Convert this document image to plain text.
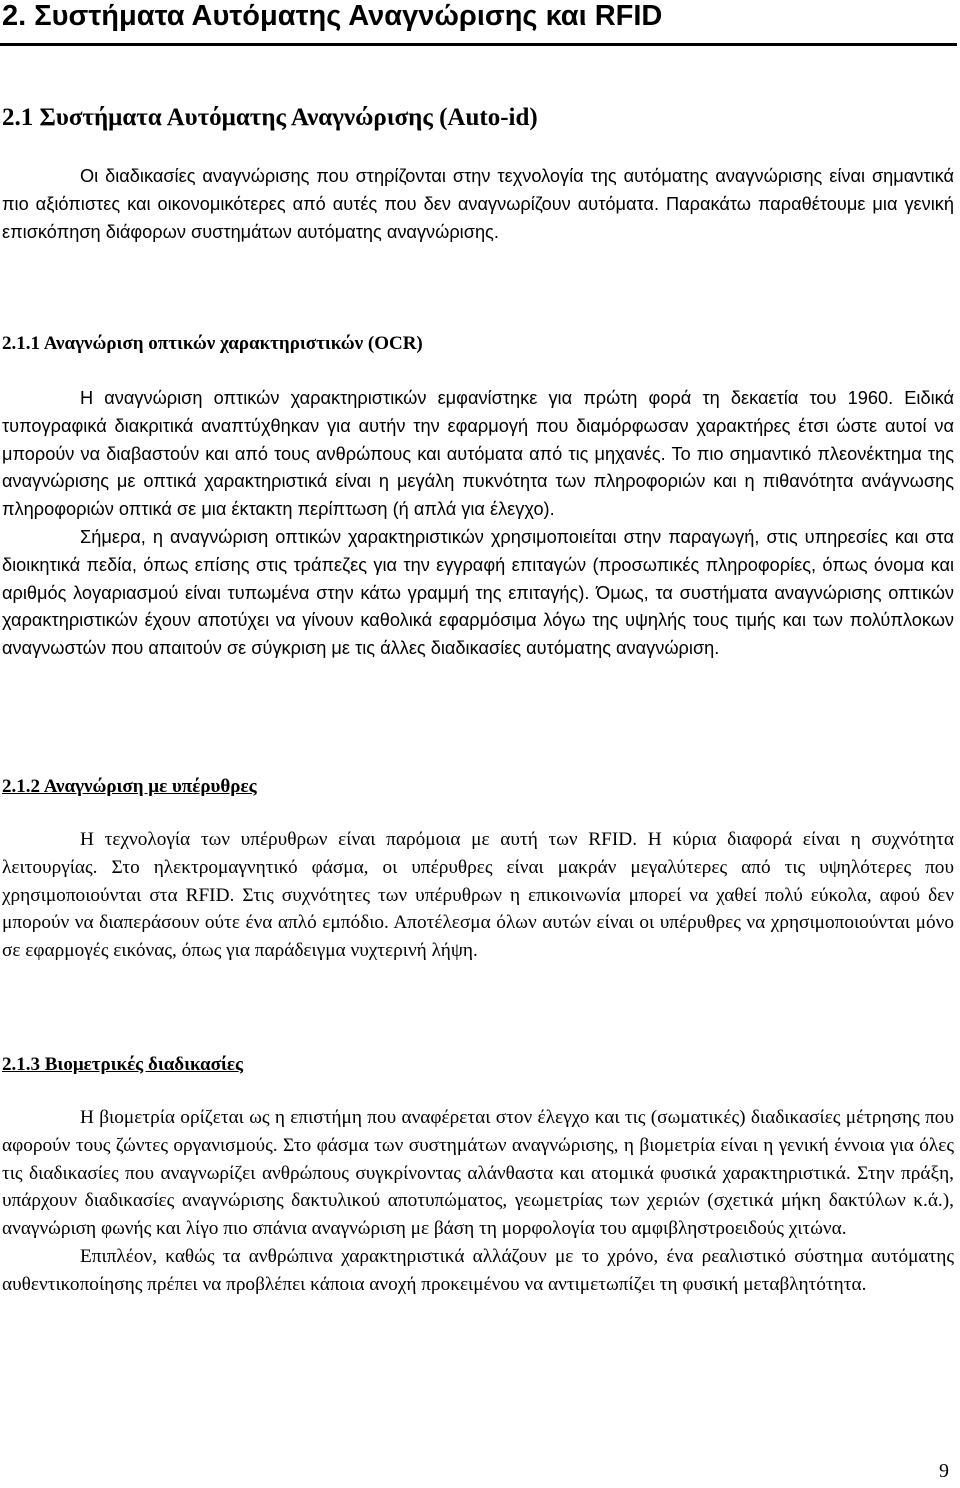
2. Συστήματα Αυτόματης Αναγνώρισης και RFID
2.1 Συστήματα Αυτόματης Αναγνώρισης (Auto-id)

Οι διαδικασίες αναγνώρισης που στηρίζονται στην τεχνολογία της αυτόματης αναγνώρισης είναι σημαντικά πιο αξιόπιστες και οικονομικότερες από αυτές που δεν αναγνωρίζουν αυτόματα. Παρακάτω παραθέτουμε μια γενική επισκόπηση διάφορων συστημάτων αυτόματης αναγνώρισης.

2.1.1 Αναγνώριση οπτικών χαρακτηριστικών (OCR)

Η αναγνώριση οπτικών χαρακτηριστικών εμφανίστηκε για πρώτη φορά τη δεκαετία του 1960. Ειδικά τυπογραφικά διακριτικά αναπτύχθηκαν για αυτήν την εφαρμογή που διαμόρφωσαν χαρακτήρες έτσι ώστε αυτοί να μπορούν να διαβαστούν και από τους ανθρώπους και αυτόματα από τις μηχανές. Το πιο σημαντικό πλεονέκτημα της αναγνώρισης με οπτικά χαρακτηριστικά είναι η μεγάλη πυκνότητα των πληροφοριών και η πιθανότητα ανάγνωσης πληροφοριών οπτικά σε μια έκτακτη περίπτωση (ή απλά για έλεγχο).

Σήμερα, η αναγνώριση οπτικών χαρακτηριστικών χρησιμοποιείται στην παραγωγή, στις υπηρεσίες και στα διοικητικά πεδία, όπως επίσης στις τράπεζες για την εγγραφή επιταγών (προσωπικές πληροφορίες, όπως όνομα και αριθμός λογαριασμού είναι τυπωμένα στην κάτω γραμμή της επιταγής). Όμως, τα συστήματα αναγνώρισης οπτικών χαρακτηριστικών έχουν αποτύχει να γίνουν καθολικά εφαρμόσιμα λόγω της υψηλής τους τιμής και των πολύπλοκων αναγνωστών που απαιτούν σε σύγκριση με τις άλλες διαδικασίες αυτόματης αναγνώριση.

2.1.2 Αναγνώριση με υπέρυθρες

Η τεχνολογία των υπέρυθρων είναι παρόμοια με αυτή των RFID. Η κύρια διαφορά είναι η συχνότητα λειτουργίας. Στο ηλεκτρομαγνητικό φάσμα, οι υπέρυθρες είναι μακράν μεγαλύτερες από τις υψηλότερες που χρησιμοποιούνται στα RFID. Στις συχνότητες των υπέρυθρων η επικοινωνία μπορεί να χαθεί πολύ εύκολα, αφού δεν μπορούν να διαπεράσουν ούτε ένα απλό εμπόδιο. Αποτέλεσμα όλων αυτών είναι οι υπέρυθρες να χρησιμοποιούνται μόνο σε εφαρμογές εικόνας, όπως για παράδειγμα νυχτερινή λήψη.

2.1.3 Βιομετρικές διαδικασίες

Η βιομετρία ορίζεται ως η επιστήμη που αναφέρεται στον έλεγχο και τις (σωματικές) διαδικασίες μέτρησης που αφορούν τους ζώντες οργανισμούς. Στο φάσμα των συστημάτων αναγνώρισης, η βιομετρία είναι η γενική έννοια για όλες τις διαδικασίες που αναγνωρίζει ανθρώπους συγκρίνοντας αλάνθαστα και ατομικά φυσικά χαρακτηριστικά. Στην πράξη, υπάρχουν διαδικασίες αναγνώρισης δακτυλικού αποτυπώματος, γεωμετρίας των χεριών (σχετικά μήκη δακτύλων κ.ά.), αναγνώριση φωνής και λίγο πιο σπάνια αναγνώριση με βάση τη μορφολογία του αμφιβληστροειδούς χιτώνα.

Επιπλέον, καθώς τα ανθρώπινα χαρακτηριστικά αλλάζουν με το χρόνο, ένα ρεαλιστικό σύστημα αυτόματης αυθεντικοποίησης πρέπει να προβλέπει κάποια ανοχή προκειμένου να αντιμετωπίζει τη φυσική μεταβλητότητα.

9
